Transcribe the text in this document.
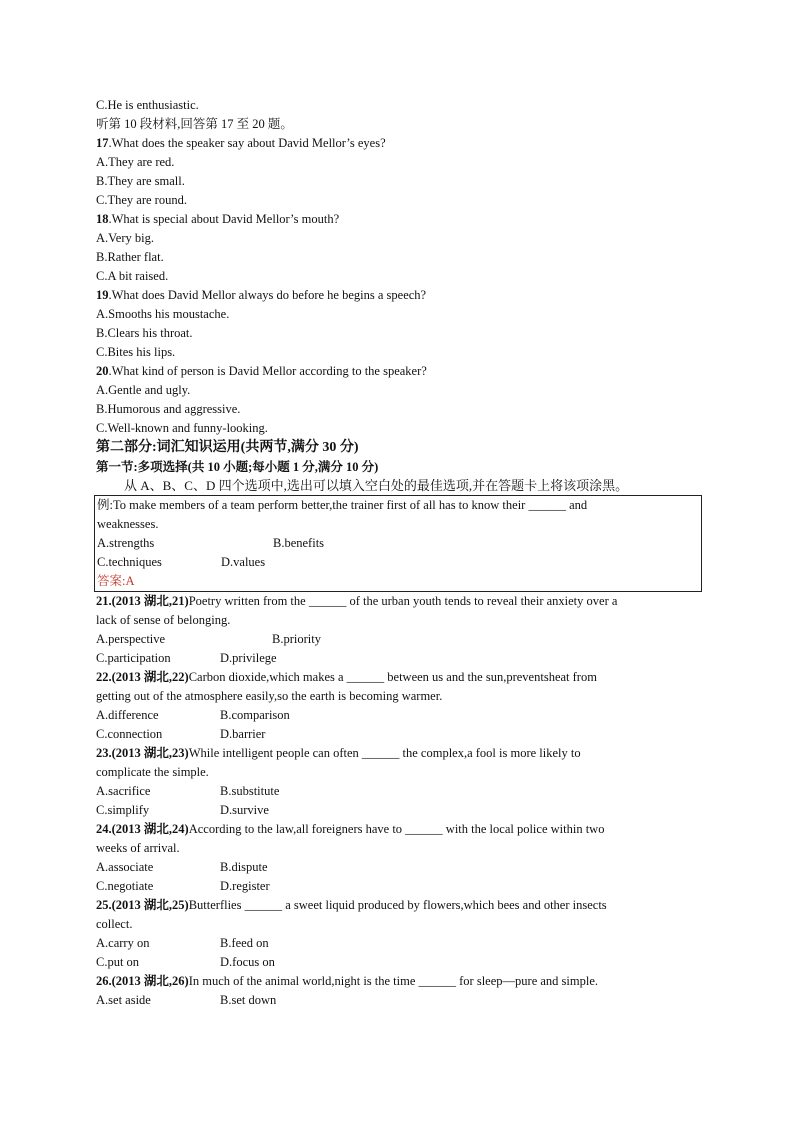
C.He is enthusiastic.
听第 10 段材料,回答第 17 至 20 题。
17.What does the speaker say about David Mellor’s eyes?
A.They are red.
B.They are small.
C.They are round.
18.What is special about David Mellor’s mouth?
A.Very big.
B.Rather flat.
C.A bit raised.
19.What does David Mellor always do before he begins a speech?
A.Smooths his moustache.
B.Clears his throat.
C.Bites his lips.
20.What kind of person is David Mellor according to the speaker?
A.Gentle and ugly.
B.Humorous and aggressive.
C.Well-known and funny-looking.
第二部分:词汇知识运用(共两节,满分 30 分)
第一节:多项选择(共 10 小题;每小题 1 分,满分 10 分)
从 A、B、C、D 四个选项中,选出可以填入空白处的最佳选项,并在答题卡上将该项涂黑。
例:To make members of a team perform better,the trainer first of all has to know their ______ and
weaknesses.
A.strengths	B.benefits
C.techniques	D.values
答案:A
21.(2013 湖北,21)Poetry written from the ______ of the urban youth tends to reveal their anxiety over a
lack of sense of belonging.
A.perspective	B.priority
C.participation	D.privilege
22.(2013 湖北,22)Carbon dioxide,which makes a ______ between us and the sun,preventsheat from
getting out of the atmosphere easily,so the earth is becoming warmer.
A.difference	B.comparison
C.connection	D.barrier
23.(2013 湖北,23)While intelligent people can often ______ the complex,a fool is more likely to
complicate the simple.
A.sacrifice	B.substitute
C.simplify	D.survive
24.(2013 湖北,24)According to the law,all foreigners have to ______ with the local police within two
weeks of arrival.
A.associate	B.dispute
C.negotiate	D.register
25.(2013 湖北,25)Butterflies ______ a sweet liquid produced by flowers,which bees and other insects
collect.
A.carry on	B.feed on
C.put on	D.focus on
26.(2013 湖北,26)In much of the animal world,night is the time ______ for sleep—pure and simple.
A.set aside	B.set down
